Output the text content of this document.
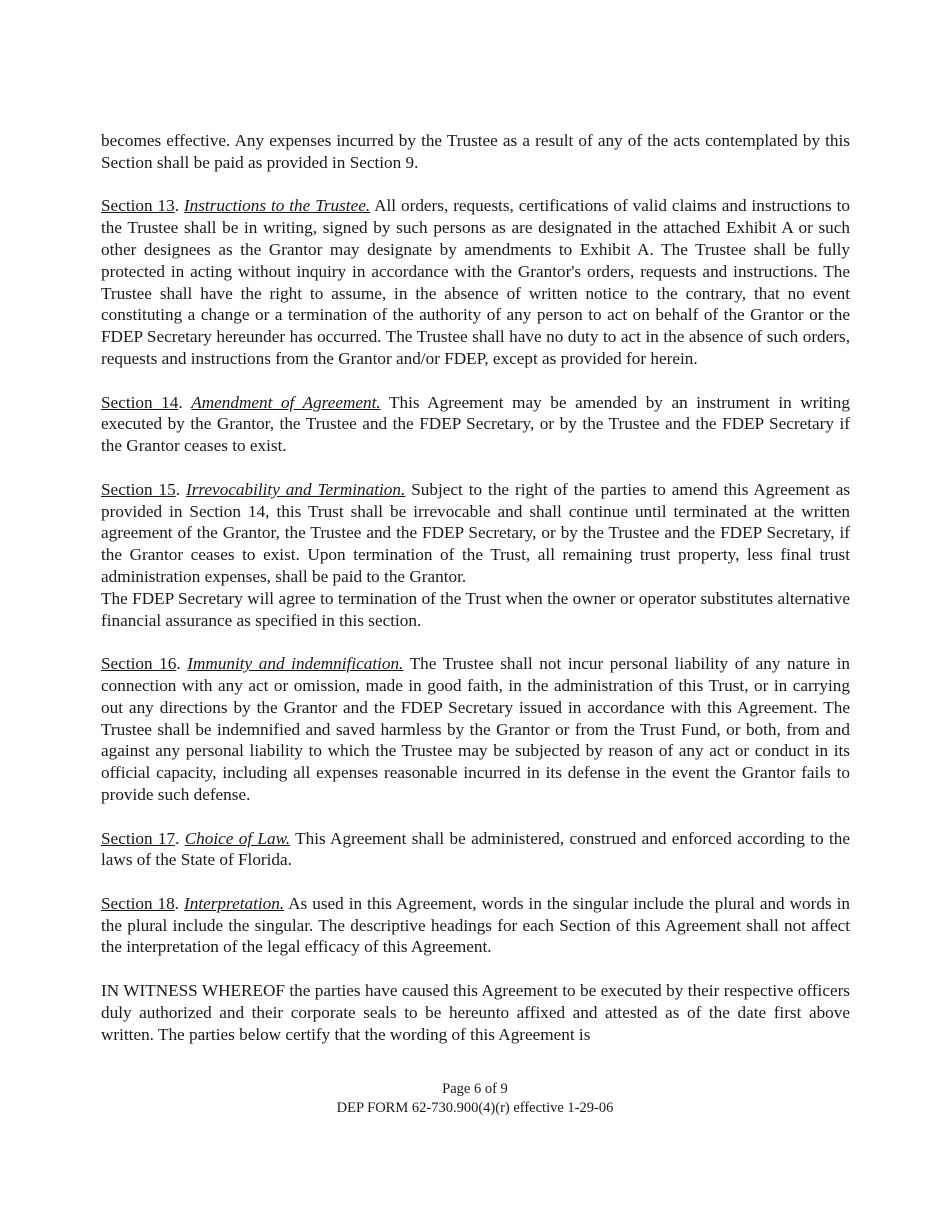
becomes effective. Any expenses incurred by the Trustee as a result of any of the acts contemplated by this Section shall be paid as provided in Section 9.

Section 13. Instructions to the Trustee. All orders, requests, certifications of valid claims and instructions to the Trustee shall be in writing, signed by such persons as are designated in the attached Exhibit A or such other designees as the Grantor may designate by amendments to Exhibit A. The Trustee shall be fully protected in acting without inquiry in accordance with the Grantor's orders, requests and instructions. The Trustee shall have the right to assume, in the absence of written notice to the contrary, that no event constituting a change or a termination of the authority of any person to act on behalf of the Grantor or the FDEP Secretary hereunder has occurred. The Trustee shall have no duty to act in the absence of such orders, requests and instructions from the Grantor and/or FDEP, except as provided for herein.

Section 14. Amendment of Agreement. This Agreement may be amended by an instrument in writing executed by the Grantor, the Trustee and the FDEP Secretary, or by the Trustee and the FDEP Secretary if the Grantor ceases to exist.

Section 15. Irrevocability and Termination. Subject to the right of the parties to amend this Agreement as provided in Section 14, this Trust shall be irrevocable and shall continue until terminated at the written agreement of the Grantor, the Trustee and the FDEP Secretary, or by the Trustee and the FDEP Secretary, if the Grantor ceases to exist. Upon termination of the Trust, all remaining trust property, less final trust administration expenses, shall be paid to the Grantor.

The FDEP Secretary will agree to termination of the Trust when the owner or operator substitutes alternative financial assurance as specified in this section.

Section 16. Immunity and indemnification. The Trustee shall not incur personal liability of any nature in connection with any act or omission, made in good faith, in the administration of this Trust, or in carrying out any directions by the Grantor and the FDEP Secretary issued in accordance with this Agreement. The Trustee shall be indemnified and saved harmless by the Grantor or from the Trust Fund, or both, from and against any personal liability to which the Trustee may be subjected by reason of any act or conduct in its official capacity, including all expenses reasonable incurred in its defense in the event the Grantor fails to provide such defense.

Section 17. Choice of Law. This Agreement shall be administered, construed and enforced according to the laws of the State of Florida.

Section 18. Interpretation. As used in this Agreement, words in the singular include the plural and words in the plural include the singular. The descriptive headings for each Section of this Agreement shall not affect the interpretation of the legal efficacy of this Agreement.

IN WITNESS WHEREOF the parties have caused this Agreement to be executed by their respective officers duly authorized and their corporate seals to be hereunto affixed and attested as of the date first above written. The parties below certify that the wording of this Agreement is

Page 6 of 9
DEP FORM 62-730.900(4)(r) effective 1-29-06
